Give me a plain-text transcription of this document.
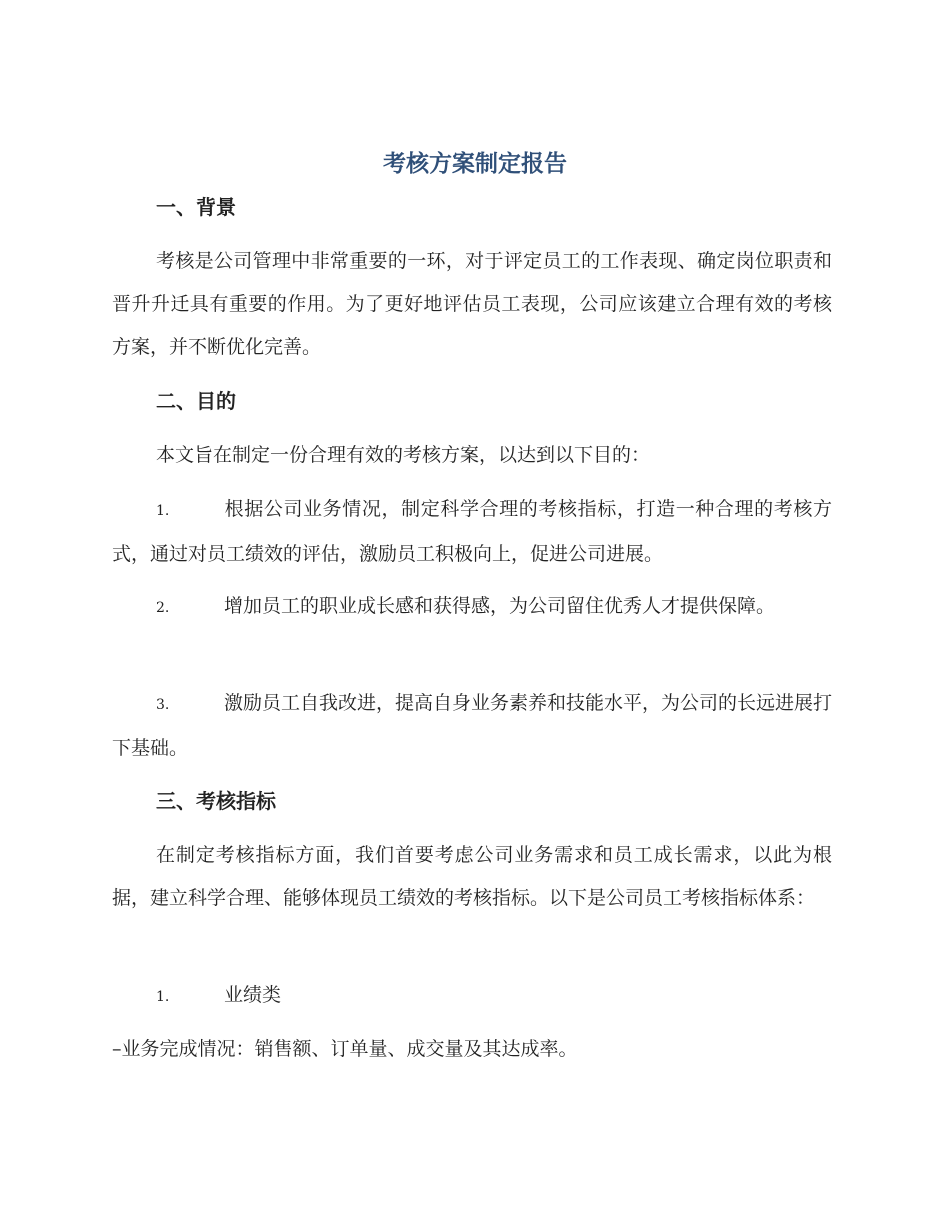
考核方案制定报告
一、背景

考核是公司管理中非常重要的一环，对于评定员工的工作表现、确定岗位职责和晋升升迁具有重要的作用。为了更好地评估员工表现，公司应该建立合理有效的考核方案，并不断优化完善。

二、目的

本文旨在制定一份合理有效的考核方案，以达到以下目的：

1.	根据公司业务情况，制定科学合理的考核指标，打造一种合理的考核方式，通过对员工绩效的评估，激励员工积极向上，促进公司进展。

2.	增加员工的职业成长感和获得感，为公司留住优秀人才提供保障。

3.	激励员工自我改进，提高自身业务素养和技能水平，为公司的长远进展打下基础。

三、考核指标

在制定考核指标方面，我们首要考虑公司业务需求和员工成长需求，以此为根据，建立科学合理、能够体现员工绩效的考核指标。以下是公司员工考核指标体系：

1.	业绩类

–业务完成情况：销售额、订单量、成交量及其达成率。
